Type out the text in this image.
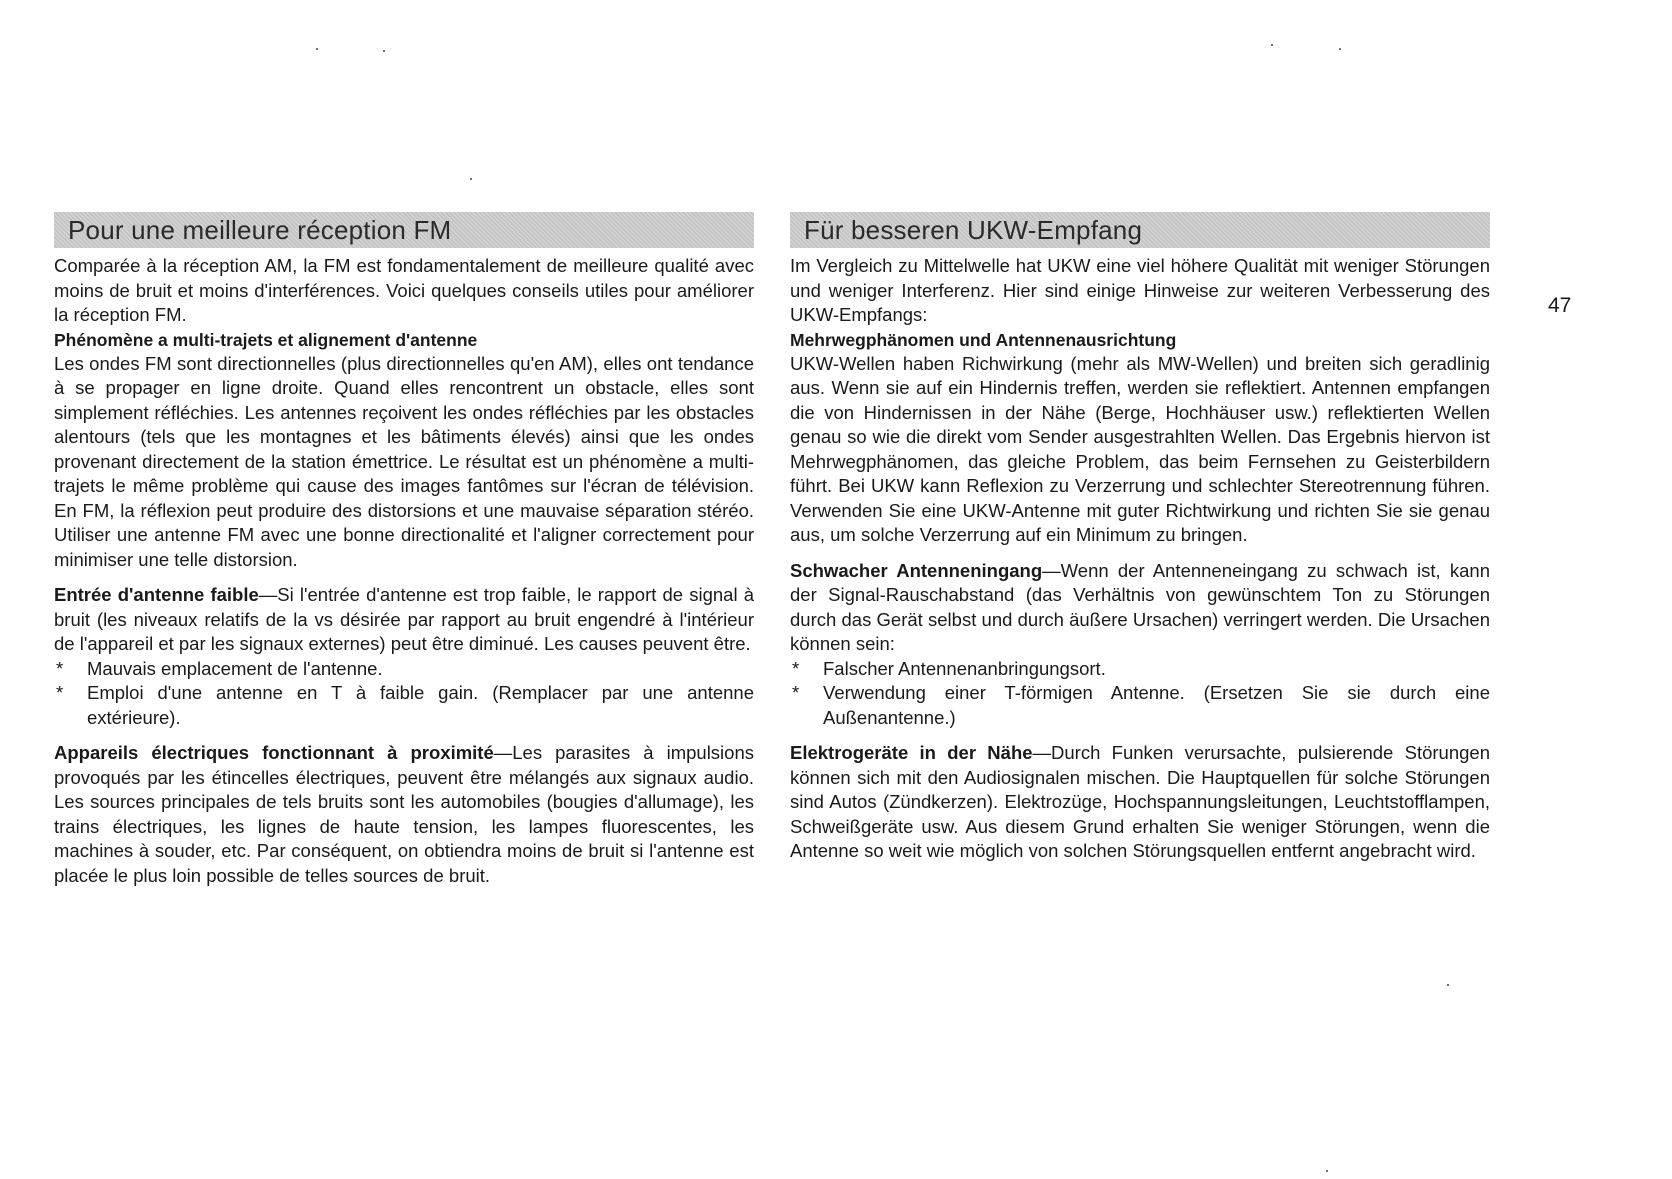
Pour une meilleure réception FM

Comparée à la réception AM, la FM est fondamentalement de meilleure qualité avec moins de bruit et moins d'interférences. Voici quelques conseils utiles pour améliorer la réception FM.

Phénomène a multi-trajets et alignement d'antenne

Les ondes FM sont directionnelles (plus directionnelles qu'en AM), elles ont tendance à se propager en ligne droite. Quand elles rencontrent un obstacle, elles sont simplement réfléchies. Les antennes reçoivent les ondes réfléchies par les obstacles alentours (tels que les montagnes et les bâtiments élevés) ainsi que les ondes provenant directement de la station émettrice. Le résultat est un phénomène a multi-trajets le même problème qui cause des images fantômes sur l'écran de télévision. En FM, la réflexion peut produire des distorsions et une mauvaise séparation stéréo. Utiliser une antenne FM avec une bonne directionalité et l'aligner correctement pour minimiser une telle distorsion.

Entrée d'antenne faible—Si l'entrée d'antenne est trop faible, le rapport de signal à bruit (les niveaux relatifs de la vs désirée par rapport au bruit engendré à l'intérieur de l'appareil et par les signaux externes) peut être diminué. Les causes peuvent être.

* Mauvais emplacement de l'antenne.
* Emploi d'une antenne en T à faible gain. (Remplacer par une antenne extérieure).

Appareils électriques fonctionnant à proximité—Les parasites à impulsions provoqués par les étincelles électriques, peuvent être mélangés aux signaux audio. Les sources principales de tels bruits sont les automobiles (bougies d'allumage), les trains électriques, les lignes de haute tension, les lampes fluorescentes, les machines à souder, etc. Par conséquent, on obtiendra moins de bruit si l'antenne est placée le plus loin possible de telles sources de bruit.

Für besseren UKW-Empfang

Im Vergleich zu Mittelwelle hat UKW eine viel höhere Qualität mit weniger Störungen und weniger Interferenz. Hier sind einige Hinweise zur weiteren Verbesserung des UKW-Empfangs:

Mehrwegphänomen und Antennenausrichtung

UKW-Wellen haben Richwirkung (mehr als MW-Wellen) und breiten sich geradlinig aus. Wenn sie auf ein Hindernis treffen, werden sie reflektiert. Antennen empfangen die von Hindernissen in der Nähe (Berge, Hochhäuser usw.) reflektierten Wellen genau so wie die direkt vom Sender ausgestrahlten Wellen. Das Ergebnis hiervon ist Mehrwegphänomen, das gleiche Problem, das beim Fernsehen zu Geisterbildern führt. Bei UKW kann Reflexion zu Verzerrung und schlechter Stereotrennung führen. Verwenden Sie eine UKW-Antenne mit guter Richtwirkung und richten Sie sie genau aus, um solche Verzerrung auf ein Minimum zu bringen.

Schwacher Antenneningang—Wenn der Antenneneingang zu schwach ist, kann der Signal-Rauschabstand (das Verhältnis von gewünschtem Ton zu Störungen durch das Gerät selbst und durch äußere Ursachen) verringert werden. Die Ursachen können sein:

* Falscher Antennenanbringungsort.
* Verwendung einer T-förmigen Antenne. (Ersetzen Sie sie durch eine Außenantenne.)

Elektrogeräte in der Nähe—Durch Funken verursachte, pulsierende Störungen können sich mit den Audiosignalen mischen. Die Hauptquellen für solche Störungen sind Autos (Zündkerzen). Elektrozüge, Hochspannungsleitungen, Leuchtstofflampen, Schweißgeräte usw. Aus diesem Grund erhalten Sie weniger Störungen, wenn die Antenne so weit wie möglich von solchen Störungsquellen entfernt angebracht wird.

47
